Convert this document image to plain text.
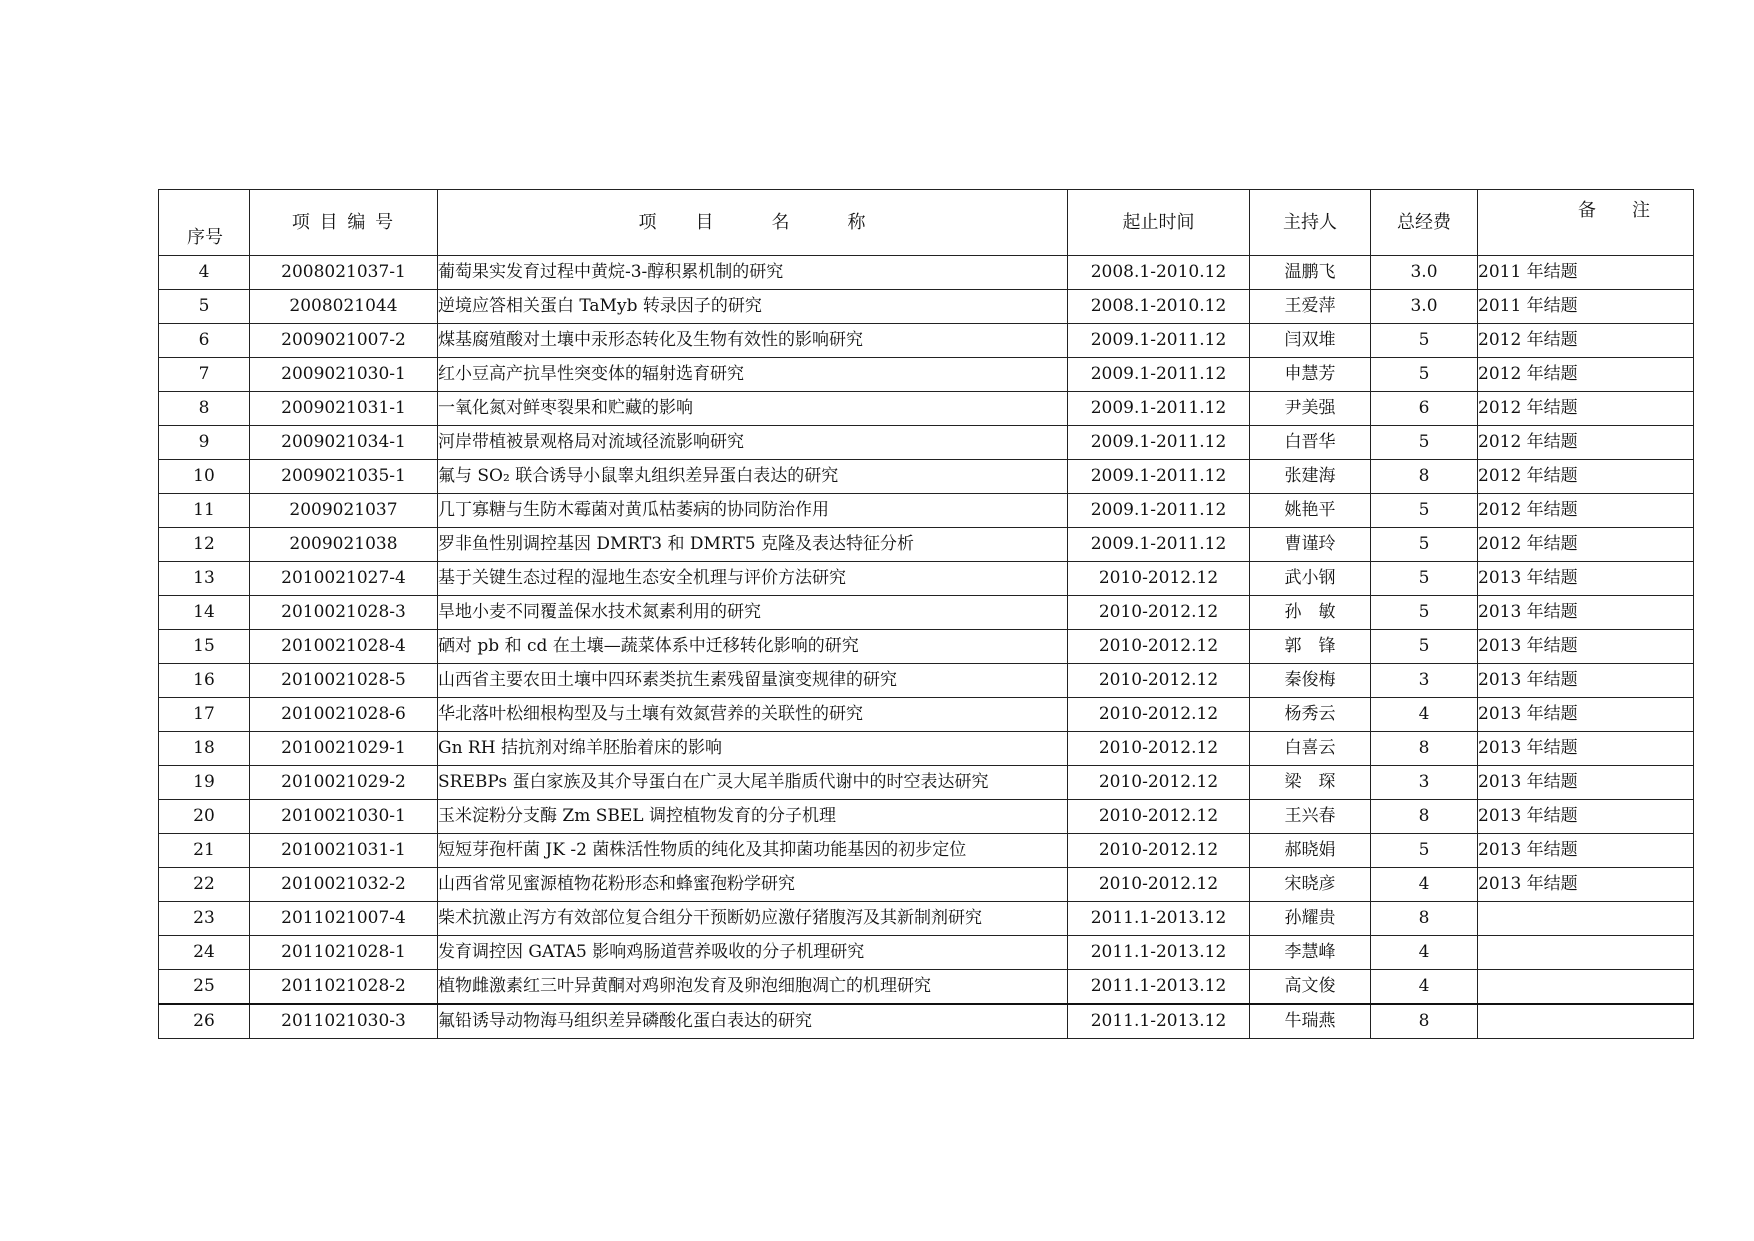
序号	项 目 编 号	项　　目　　　名　　　称	起止时间	主持人	总经费	备　　注

4	2008021037-1	葡萄果实发育过程中黄烷-3-醇积累机制的研究	2008.1-2010.12	温鹏飞	3.0	2011 年结题
5	2008021044	逆境应答相关蛋白 TaMyb 转录因子的研究	2008.1-2010.12	王爱萍	3.0	2011 年结题
6	2009021007-2	煤基腐殖酸对土壤中汞形态转化及生物有效性的影响研究	2009.1-2011.12	闫双堆	5	2012 年结题
7	2009021030-1	红小豆高产抗旱性突变体的辐射选育研究	2009.1-2011.12	申慧芳	5	2012 年结题
8	2009021031-1	一氧化氮对鲜枣裂果和贮藏的影响	2009.1-2011.12	尹美强	6	2012 年结题
9	2009021034-1	河岸带植被景观格局对流域径流影响研究	2009.1-2011.12	白晋华	5	2012 年结题
10	2009021035-1	氟与 SO₂ 联合诱导小鼠睾丸组织差异蛋白表达的研究	2009.1-2011.12	张建海	8	2012 年结题
11	2009021037	几丁寡糖与生防木霉菌对黄瓜枯萎病的协同防治作用	2009.1-2011.12	姚艳平	5	2012 年结题
12	2009021038	罗非鱼性别调控基因 DMRT3 和 DMRT5 克隆及表达特征分析	2009.1-2011.12	曹谨玲	5	2012 年结题
13	2010021027-4	基于关键生态过程的湿地生态安全机理与评价方法研究	2010-2012.12	武小钢	5	2013 年结题
14	2010021028-3	旱地小麦不同覆盖保水技术氮素利用的研究	2010-2012.12	孙　敏	5	2013 年结题
15	2010021028-4	硒对 pb 和 cd 在土壤—蔬菜体系中迁移转化影响的研究	2010-2012.12	郭　锋	5	2013 年结题
16	2010021028-5	山西省主要农田土壤中四环素类抗生素残留量演变规律的研究	2010-2012.12	秦俊梅	3	2013 年结题
17	2010021028-6	华北落叶松细根构型及与土壤有效氮营养的关联性的研究	2010-2012.12	杨秀云	4	2013 年结题
18	2010021029-1	Gn RH 拮抗剂对绵羊胚胎着床的影响	2010-2012.12	白喜云	8	2013 年结题
19	2010021029-2	SREBPs 蛋白家族及其介导蛋白在广灵大尾羊脂质代谢中的时空表达研究	2010-2012.12	梁　琛	3	2013 年结题
20	2010021030-1	玉米淀粉分支酶 Zm SBEL 调控植物发育的分子机理	2010-2012.12	王兴春	8	2013 年结题
21	2010021031-1	短短芽孢杆菌 JK -2 菌株活性物质的纯化及其抑菌功能基因的初步定位	2010-2012.12	郝晓娟	5	2013 年结题
22	2010021032-2	山西省常见蜜源植物花粉形态和蜂蜜孢粉学研究	2010-2012.12	宋晓彦	4	2013 年结题
23	2011021007-4	柴术抗激止泻方有效部位复合组分干预断奶应激仔猪腹泻及其新制剂研究	2011.1-2013.12	孙耀贵	8	
24	2011021028-1	发育调控因 GATA5 影响鸡肠道营养吸收的分子机理研究	2011.1-2013.12	李慧峰	4	
25	2011021028-2	植物雌激素红三叶异黄酮对鸡卵泡发育及卵泡细胞凋亡的机理研究	2011.1-2013.12	高文俊	4	
26	2011021030-3	氟铅诱导动物海马组织差异磷酸化蛋白表达的研究	2011.1-2013.12	牛瑞燕	8	
